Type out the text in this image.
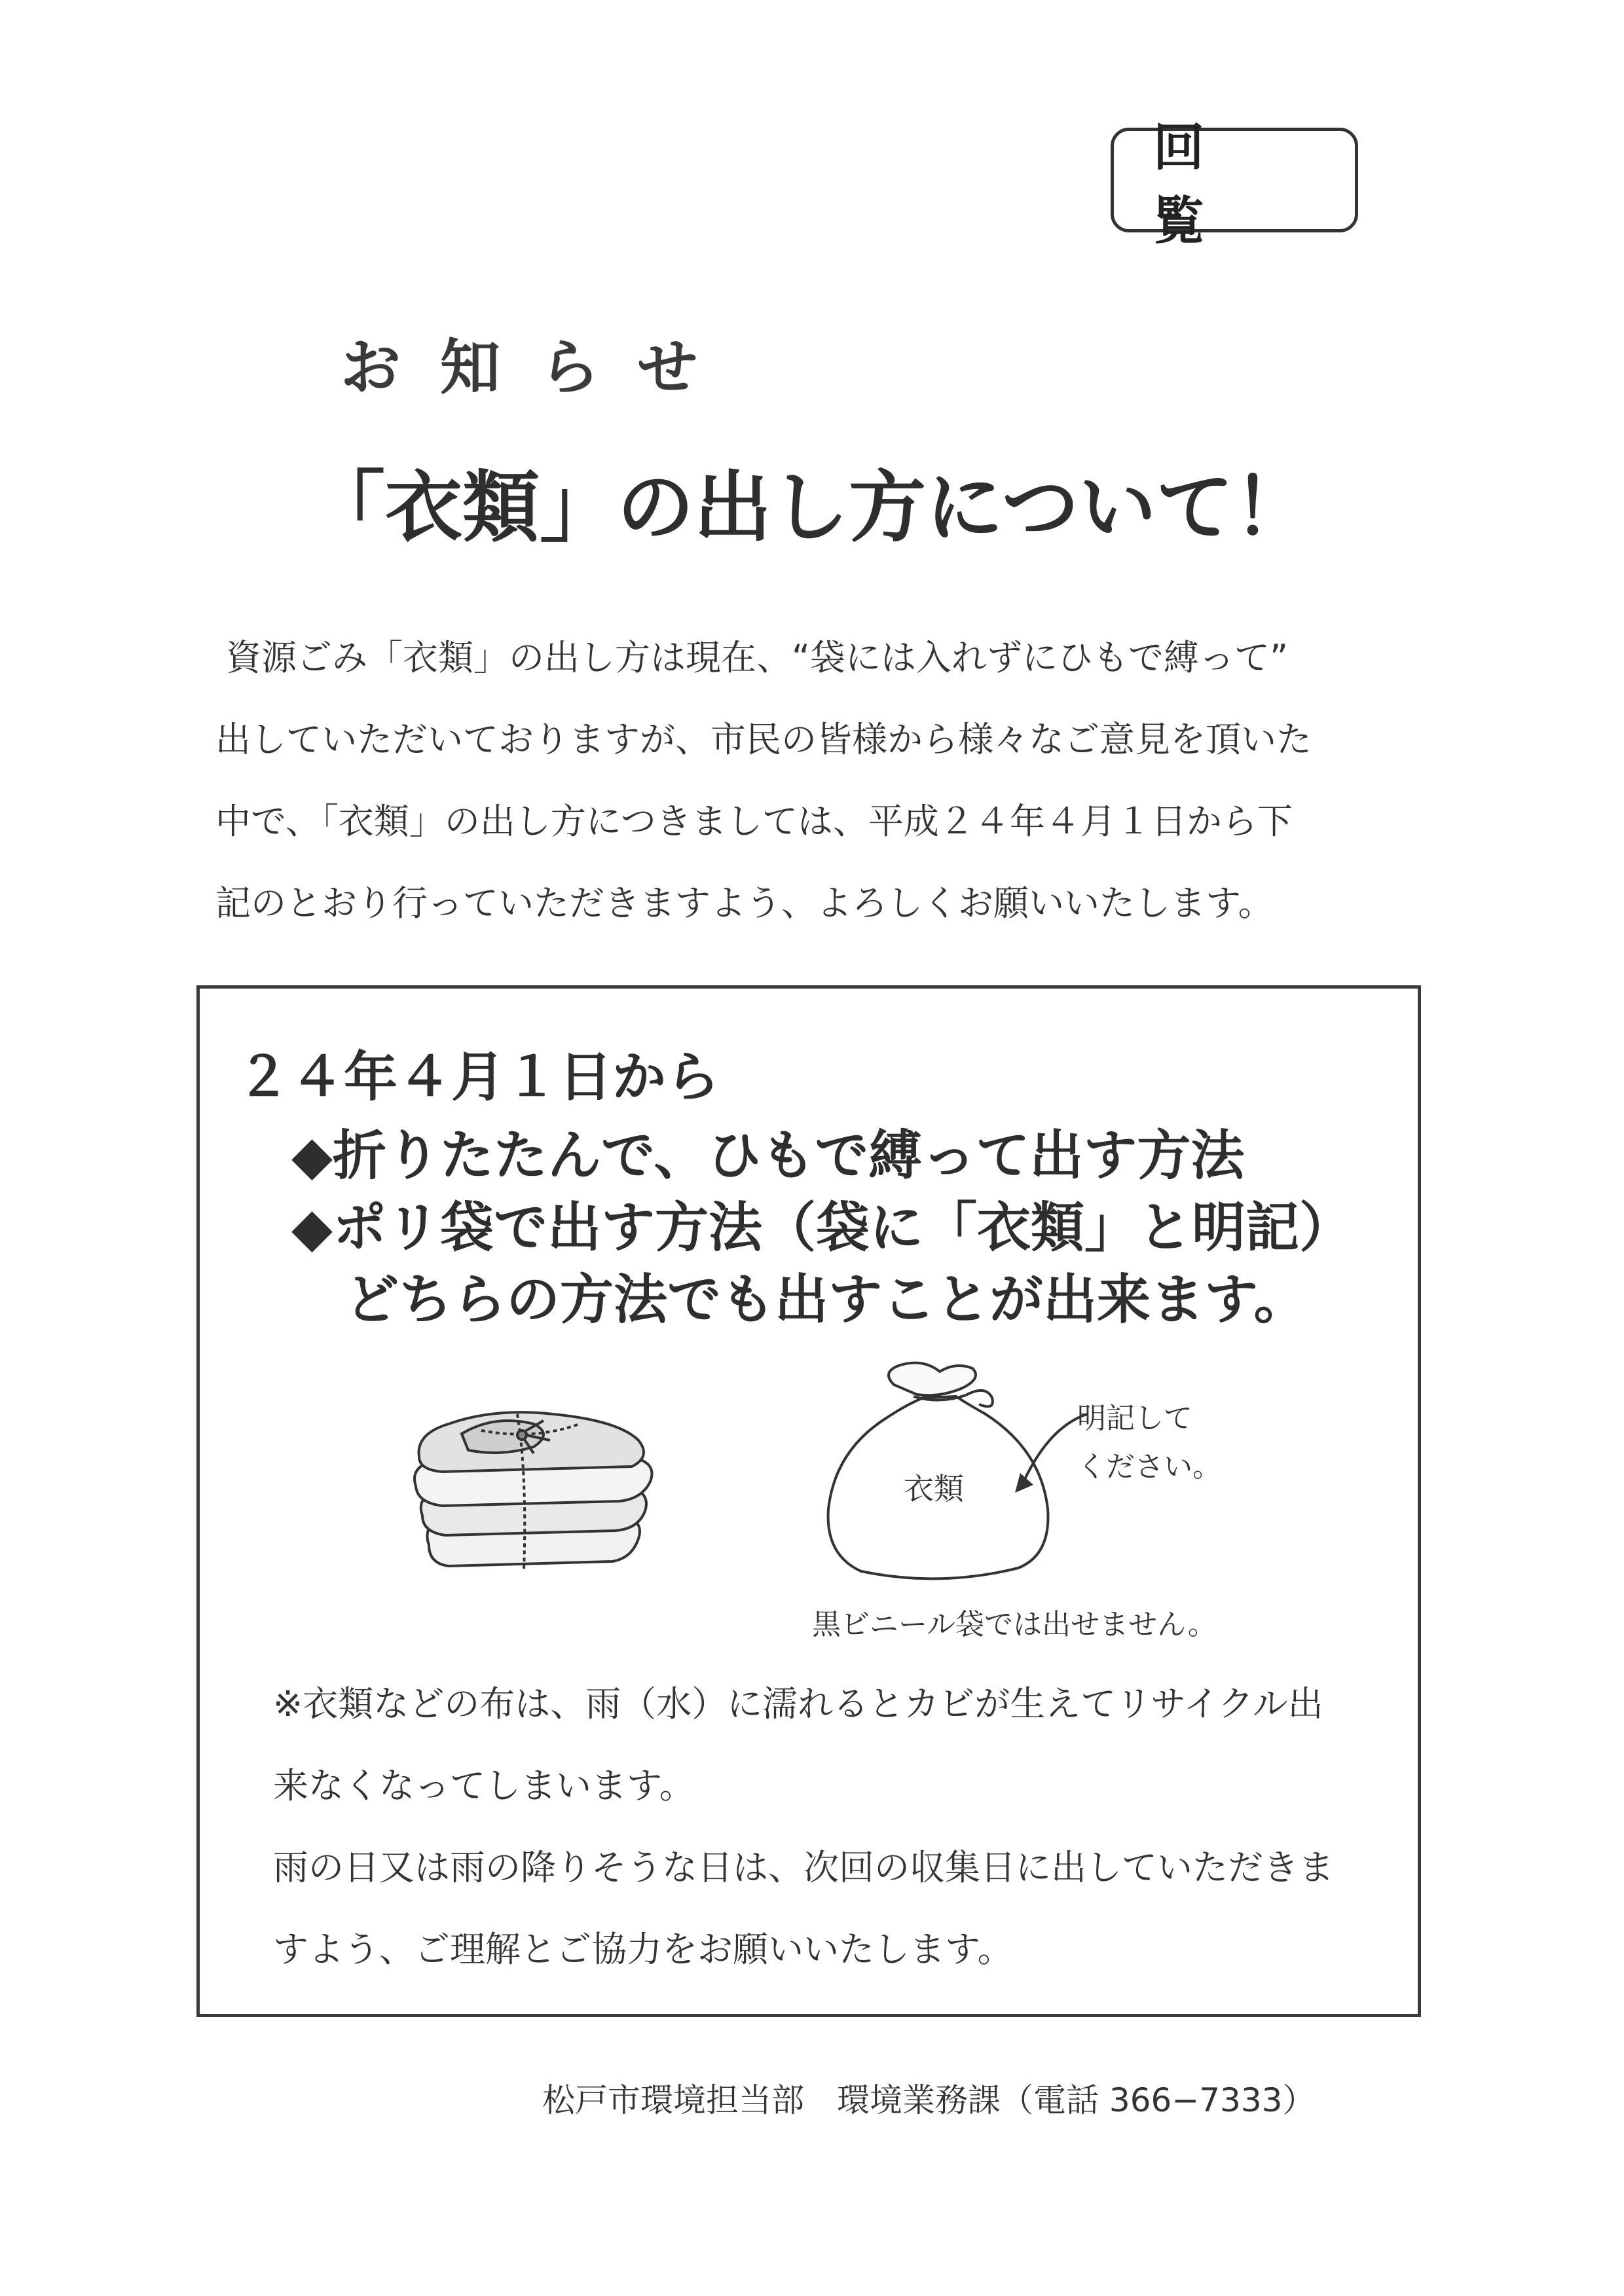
回 覧
お知らせ
「衣類」の出し方について！
資源ごみ「衣類」の出し方は現在、“袋には入れずにひもで縛って”
出していただいておりますが、市民の皆様から様々なご意見を頂いた
中で、「衣類」の出し方につきましては、平成２４年４月１日から下
記のとおり行っていただきますよう、よろしくお願いいたします。
２４年４月１日から
◆折りたたんで、ひもで縛って出す方法
◆ポリ袋で出す方法（袋に「衣類」と明記）
どちらの方法でも出すことが出来ます。
衣類
明記して
ください。
黒ビニール袋では出せません。
※衣類などの布は、雨（水）に濡れるとカビが生えてリサイクル出
来なくなってしまいます。
雨の日又は雨の降りそうな日は、次回の収集日に出していただきま
すよう、ご理解とご協力をお願いいたします。
松戸市環境担当部　環境業務課（電話 366−7333）
